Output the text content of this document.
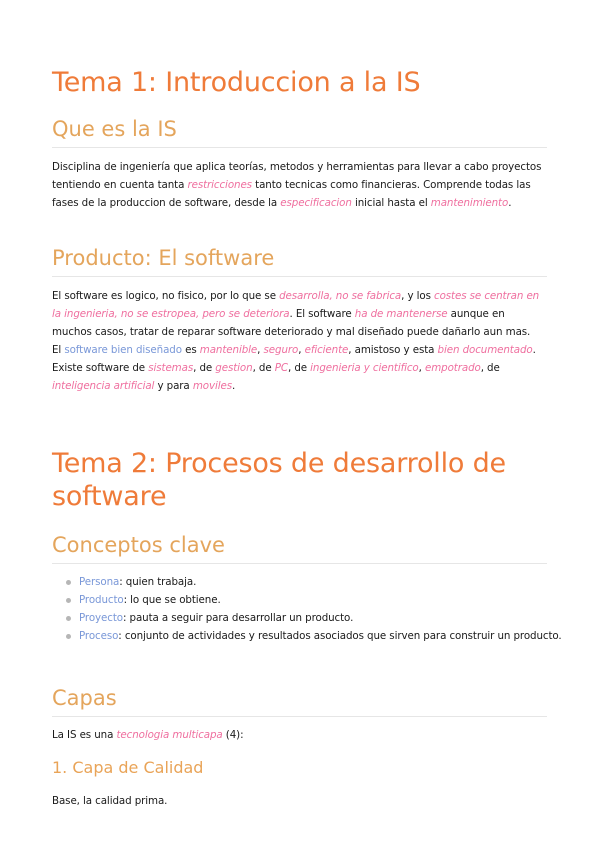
Tema 1: Introduccion a la IS
Que es la IS

Disciplina de ingeniería que aplica teorías, metodos y herramientas para llevar a cabo proyectos tentiendo en cuenta tanta restricciones tanto tecnicas como financieras. Comprende todas las fases de la produccion de software, desde la especificacion inicial hasta el mantenimiento.

Producto: El software

El software es logico, no fisico, por lo que se desarrolla, no se fabrica, y los costes se centran en la ingenieria, no se estropea, pero se deteriora. El software ha de mantenerse aunque en muchos casos, tratar de reparar software deteriorado y mal diseñado puede dañarlo aun mas.

El software bien diseñado es mantenible, seguro, eficiente, amistoso y esta bien documentado.

Existe software de sistemas, de gestion, de PC, de ingenieria y cientifico, empotrado, de inteligencia artificial y para moviles.

Tema 2: Procesos de desarrollo de software
Conceptos clave
Persona: quien trabaja.
Producto: lo que se obtiene.
Proyecto: pauta a seguir para desarrollar un producto.
Proceso: conjunto de actividades y resultados asociados que sirven para construir un producto.
Capas

La IS es una tecnologia multicapa (4):

1. Capa de Calidad

Base, la calidad prima.
